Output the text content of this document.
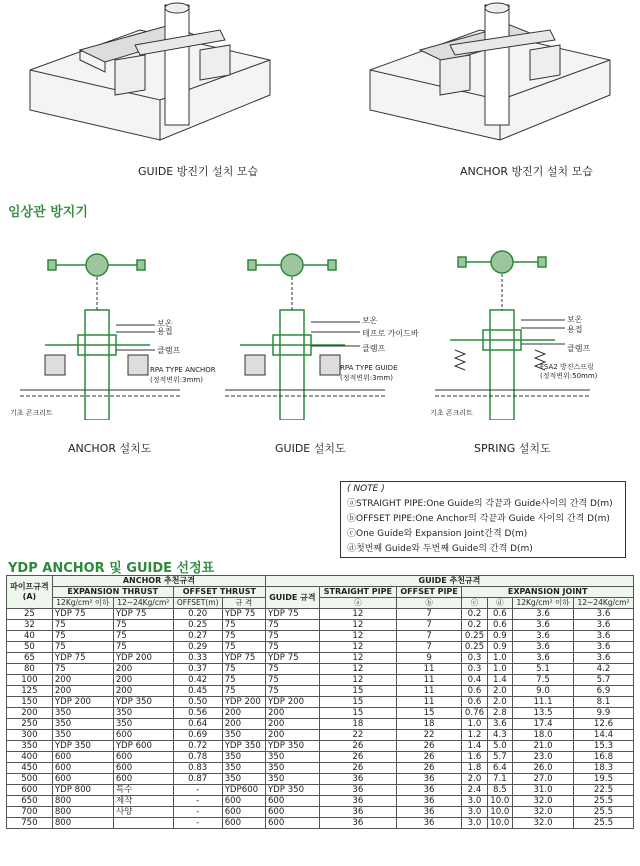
GUIDE 방진기 설치 모습	ANCHOR 방진기 설치 모습
임상관 방지기
보온
용접
클램프
RPA TYPE ANCHOR
(정적변위:3mm)
기초 콘크리트
ANCHOR 설치도
보온
테프로 가이드바
클램프
RPA TYPE GUIDE
(정적변위:3mm)
GUIDE 설치도
보온
용접
클램프
FSA2 방진스프링
(정적변위:50mm)
기초 콘크리트
SPRING 설치도
( NOTE )
ⓐSTRAIGHT PIPE:One Guide의 각끝과 Guide사이의 간격 D(m)
ⓑOFFSET PIPE:One Anchor의 각끝과 Guide 사이의 간격 D(m)
ⓒOne Guide와 Expansion Joint간격 D(m)
ⓓ첫번째 Guide와 두번째 Guide의 간격 D(m)
YDP ANCHOR 및 GUIDE 선정표
파이프규격
(A)	ANCHOR 추천규격				GUIDE 추천규격						
	EXPANSION THRUST		OFFSET THRUST		GUIDE 규격	STRAIGHT PIPE	OFFSET PIPE	EXPANSION JOINT			
	12Kg/cm² 이하	12~24Kg/cm²	OFFSET(m)	규 격		ⓐ	ⓑ	ⓒ	ⓓ	12Kg/cm² 이하	12~24Kg/cm²
25	YDP 75	YDP 75	0.20	YDP 75	YDP 75	12	7	0.2	0.6	3.6	3.6
32	75	75	0.25	75	75	12	7	0.2	0.6	3.6	3.6
40	75	75	0.27	75	75	12	7	0.25	0.9	3.6	3.6
50	75	75	0.29	75	75	12	7	0.25	0.9	3.6	3.6
65	YDP 75	YDP 200	0.33	YDP 75	YDP 75	12	9	0.3	1.0	3.6	3.6
80	75	200	0.37	75	75	12	11	0.3	1.0	5.1	4.2
100	200	200	0.42	75	75	12	11	0.4	1.4	7.5	5.7
125	200	200	0.45	75	75	15	11	0.6	2.0	9.0	6.9
150	YDP 200	YDP 350	0.50	YDP 200	YDP 200	15	11	0.6	2.0	11.1	8.1
200	350	350	0.56	200	200	15	15	0.76	2.8	13.5	9.9
250	350	350	0.64	200	200	18	18	1.0	3.6	17.4	12.6
300	350	600	0.69	350	200	22	22	1.2	4.3	18.0	14.4
350	YDP 350	YDP 600	0.72	YDP 350	YDP 350	26	26	1.4	5.0	21.0	15.3
400	600	600	0.78	350	350	26	26	1.6	5.7	23.0	16.8
450	600	600	0.83	350	350	26	26	1.8	6.4	26.0	18.3
500	600	600	0.87	350	350	36	36	2.0	7.1	27.0	19.5
600	YDP 800	특수	-	YDP600	YDP 350	36	36	2.4	8.5	31.0	22.5
650	800	제작	-	600	600	36	36	3.0	10.0	32.0	25.5
700	800	사양	-	600	600	36	36	3.0	10.0	32.0	25.5
750	800		-	600	600	36	36	3.0	10.0	32.0	25.5
